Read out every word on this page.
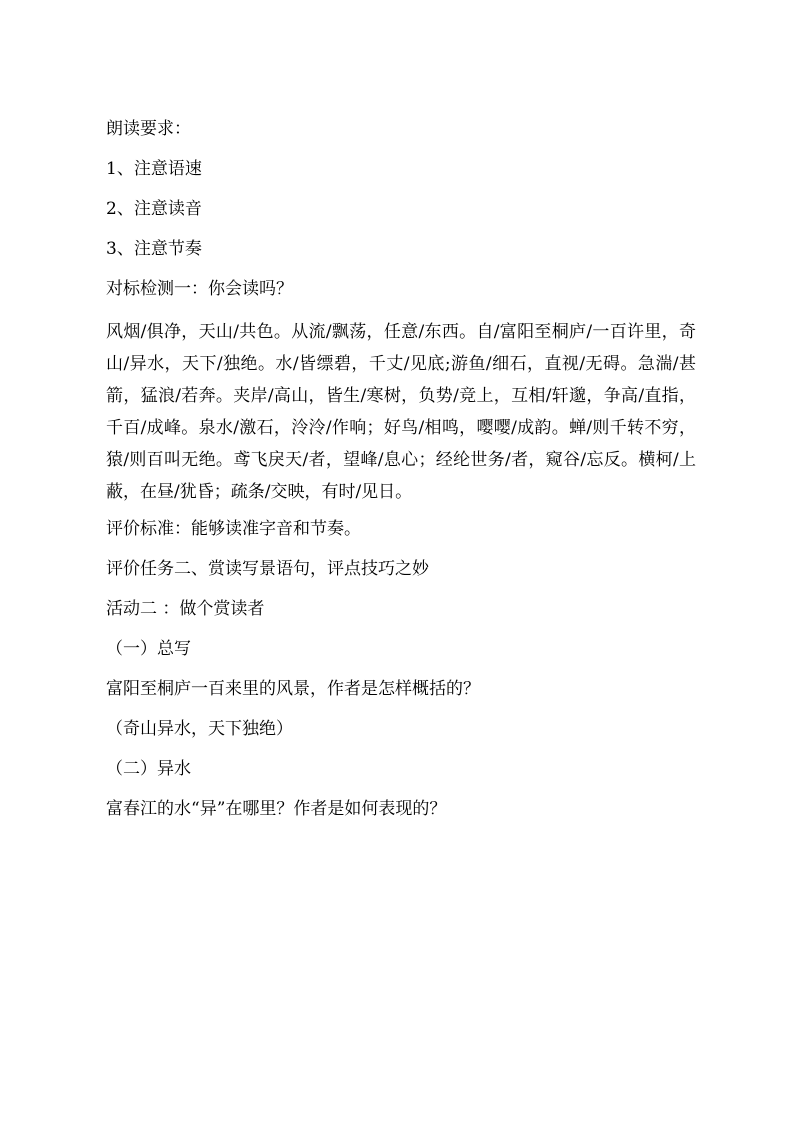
朗读要求：
1、注意语速
2、注意读音
3、注意节奏
对标检测一：你会读吗？
风烟/俱净，天山/共色。从流/飘荡，任意/东西。自/富阳至桐庐/一百许里，奇山/异水，天下/独绝。水/皆缥碧，千丈/见底;游鱼/细石，直视/无碍。急湍/甚箭，猛浪/若奔。夹岸/高山，皆生/寒树，负势/竞上，互相/轩邈，争高/直指，千百/成峰。泉水/激石，泠泠/作响；好鸟/相鸣，嘤嘤/成韵。蝉/则千转不穷，猿/则百叫无绝。鸢飞戾天/者，望峰/息心；经纶世务/者，窥谷/忘反。横柯/上蔽，在昼/犹昏；疏条/交映，有时/见日。
评价标准：能够读准字音和节奏。
评价任务二、赏读写景语句，评点技巧之妙
活动二 ：做个赏读者
（一）总写
富阳至桐庐一百来里的风景，作者是怎样概括的？
（奇山异水，天下独绝）
（二）异水
富春江的水“异”在哪里？作者是如何表现的？
